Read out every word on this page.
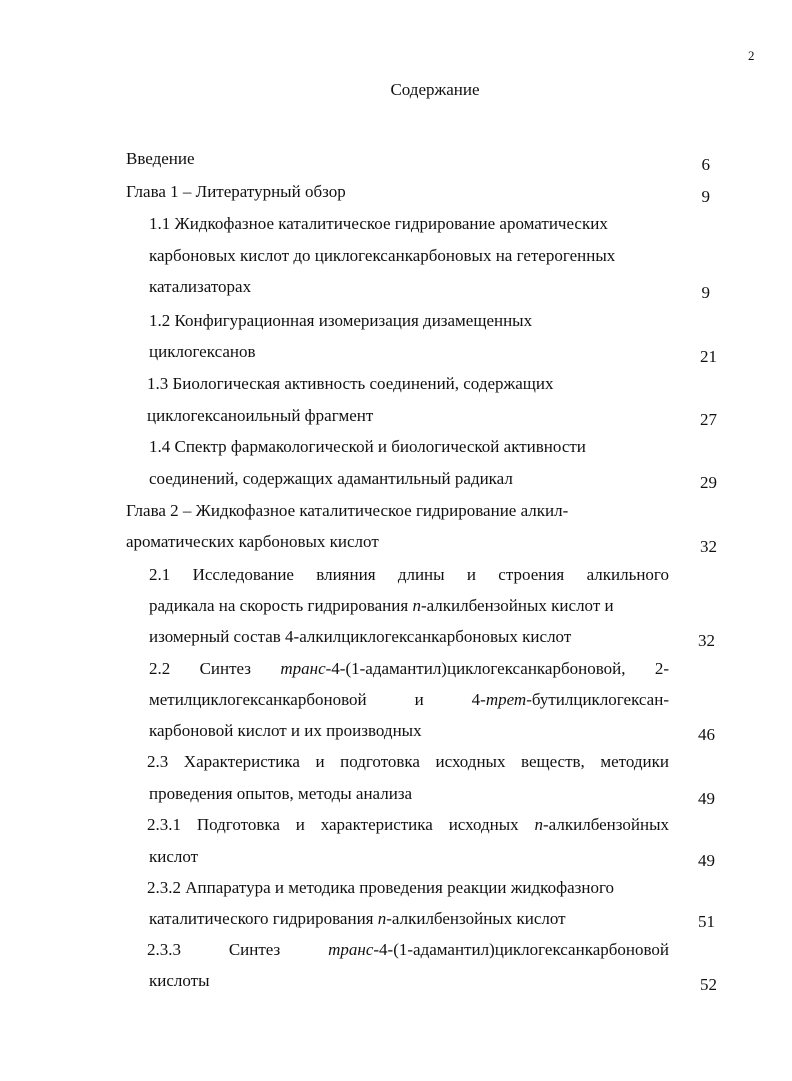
2
Содержание
Введение	6
Глава 1 – Литературный обзор	9
1.1 Жидкофазное каталитическое гидрирование ароматических
карбоновых кислот до циклогексанкарбоновых на гетерогенных
катализаторах	9
1.2 Конфигурационная изомеризация дизамещенных
циклогексанов	21
1.3 Биологическая активность соединений, содержащих
циклогексаноильный фрагмент	27
1.4 Спектр фармакологической и биологической активности
соединений, содержащих адамантильный радикал	29
Глава 2 – Жидкофазное каталитическое гидрирование алкил-
ароматических карбоновых кислот	32
2.1 Исследование влияния длины и строения алкильного
радикала на скорость гидрирования п-алкилбензойных кислот и
изомерный состав 4-алкилциклогексанкарбоновых кислот	32
2.2 Синтез транс-4-(1-адамантил)циклогексанкарбоновой, 2-
метилциклогексанкарбоновой и 4-трет-бутилциклогексан-
карбоновой кислот и их производных	46
2.3 Характеристика и подготовка исходных веществ, методики
проведения опытов, методы анализа	49
2.3.1 Подготовка и характеристика исходных п-алкилбензойных
кислот	49
2.3.2 Аппаратура и методика проведения реакции жидкофазного
каталитического гидрирования п-алкилбензойных кислот	51
2.3.3 Синтез транс-4-(1-адамантил)циклогексанкарбоновой
кислоты	52
